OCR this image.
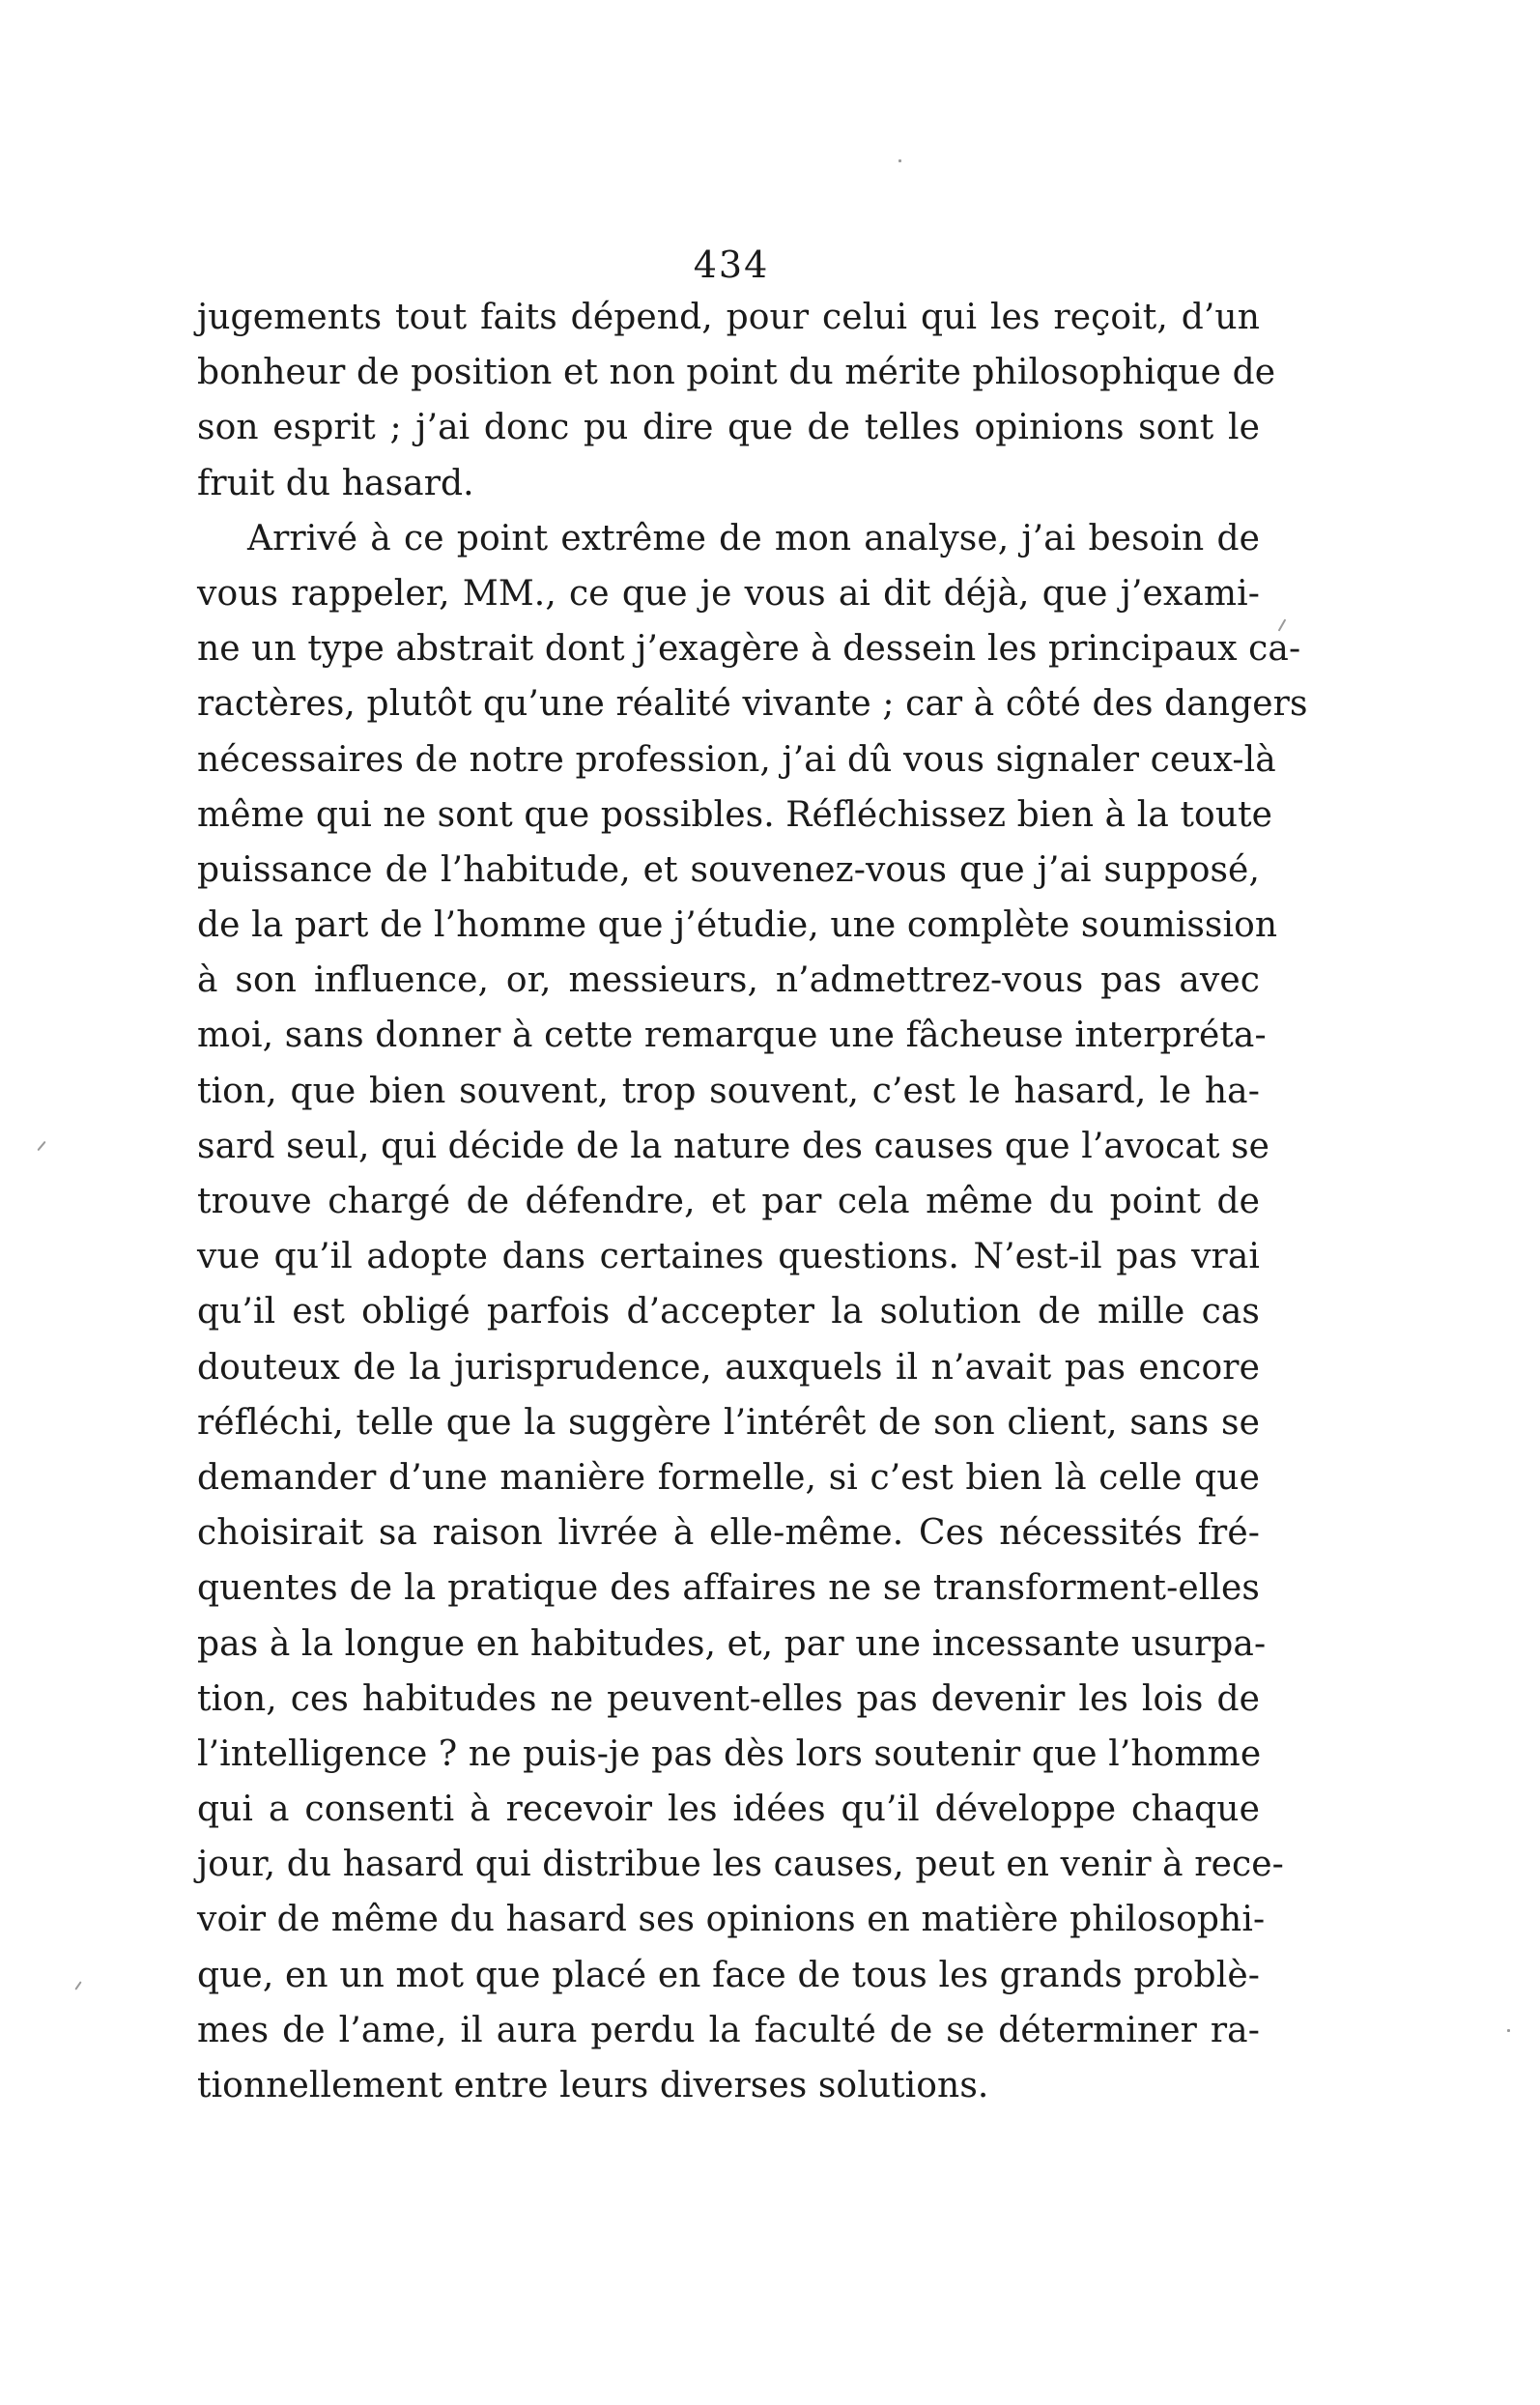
434
jugements tout faits dépend, pour celui qui les reçoit, d’un
bonheur de position et non point du mérite philosophique de
son esprit ; j’ai donc pu dire que de telles opinions sont le
fruit du hasard.
Arrivé à ce point extrême de mon analyse, j’ai besoin de
vous rappeler, MM., ce que je vous ai dit déjà, que j’exami-
ne un type abstrait dont j’exagère à dessein les principaux ca-
ractères, plutôt qu’une réalité vivante ; car à côté des dangers
nécessaires de notre profession, j’ai dû vous signaler ceux-là
même qui ne sont que possibles. Réfléchissez bien à la toute
puissance de l’habitude, et souvenez-vous que j’ai supposé,
de la part de l’homme que j’étudie, une complète soumission
à son influence, or, messieurs, n’admettrez-vous pas avec
moi, sans donner à cette remarque une fâcheuse interpréta-
tion, que bien souvent, trop souvent, c’est le hasard, le ha-
sard seul, qui décide de la nature des causes que l’avocat se
trouve chargé de défendre, et par cela même du point de
vue qu’il adopte dans certaines questions. N’est-il pas vrai
qu’il est obligé parfois d’accepter la solution de mille cas
douteux de la jurisprudence, auxquels il n’avait pas encore
réfléchi, telle que la suggère l’intérêt de son client, sans se
demander d’une manière formelle, si c’est bien là celle que
choisirait sa raison livrée à elle-même. Ces nécessités fré-
quentes de la pratique des affaires ne se transforment-elles
pas à la longue en habitudes, et, par une incessante usurpa-
tion, ces habitudes ne peuvent-elles pas devenir les lois de
l’intelligence ? ne puis-je pas dès lors soutenir que l’homme
qui a consenti à recevoir les idées qu’il développe chaque
jour, du hasard qui distribue les causes, peut en venir à rece-
voir de même du hasard ses opinions en matière philosophi-
que, en un mot que placé en face de tous les grands problè-
mes de l’ame, il aura perdu la faculté de se déterminer ra-
tionnellement entre leurs diverses solutions.
